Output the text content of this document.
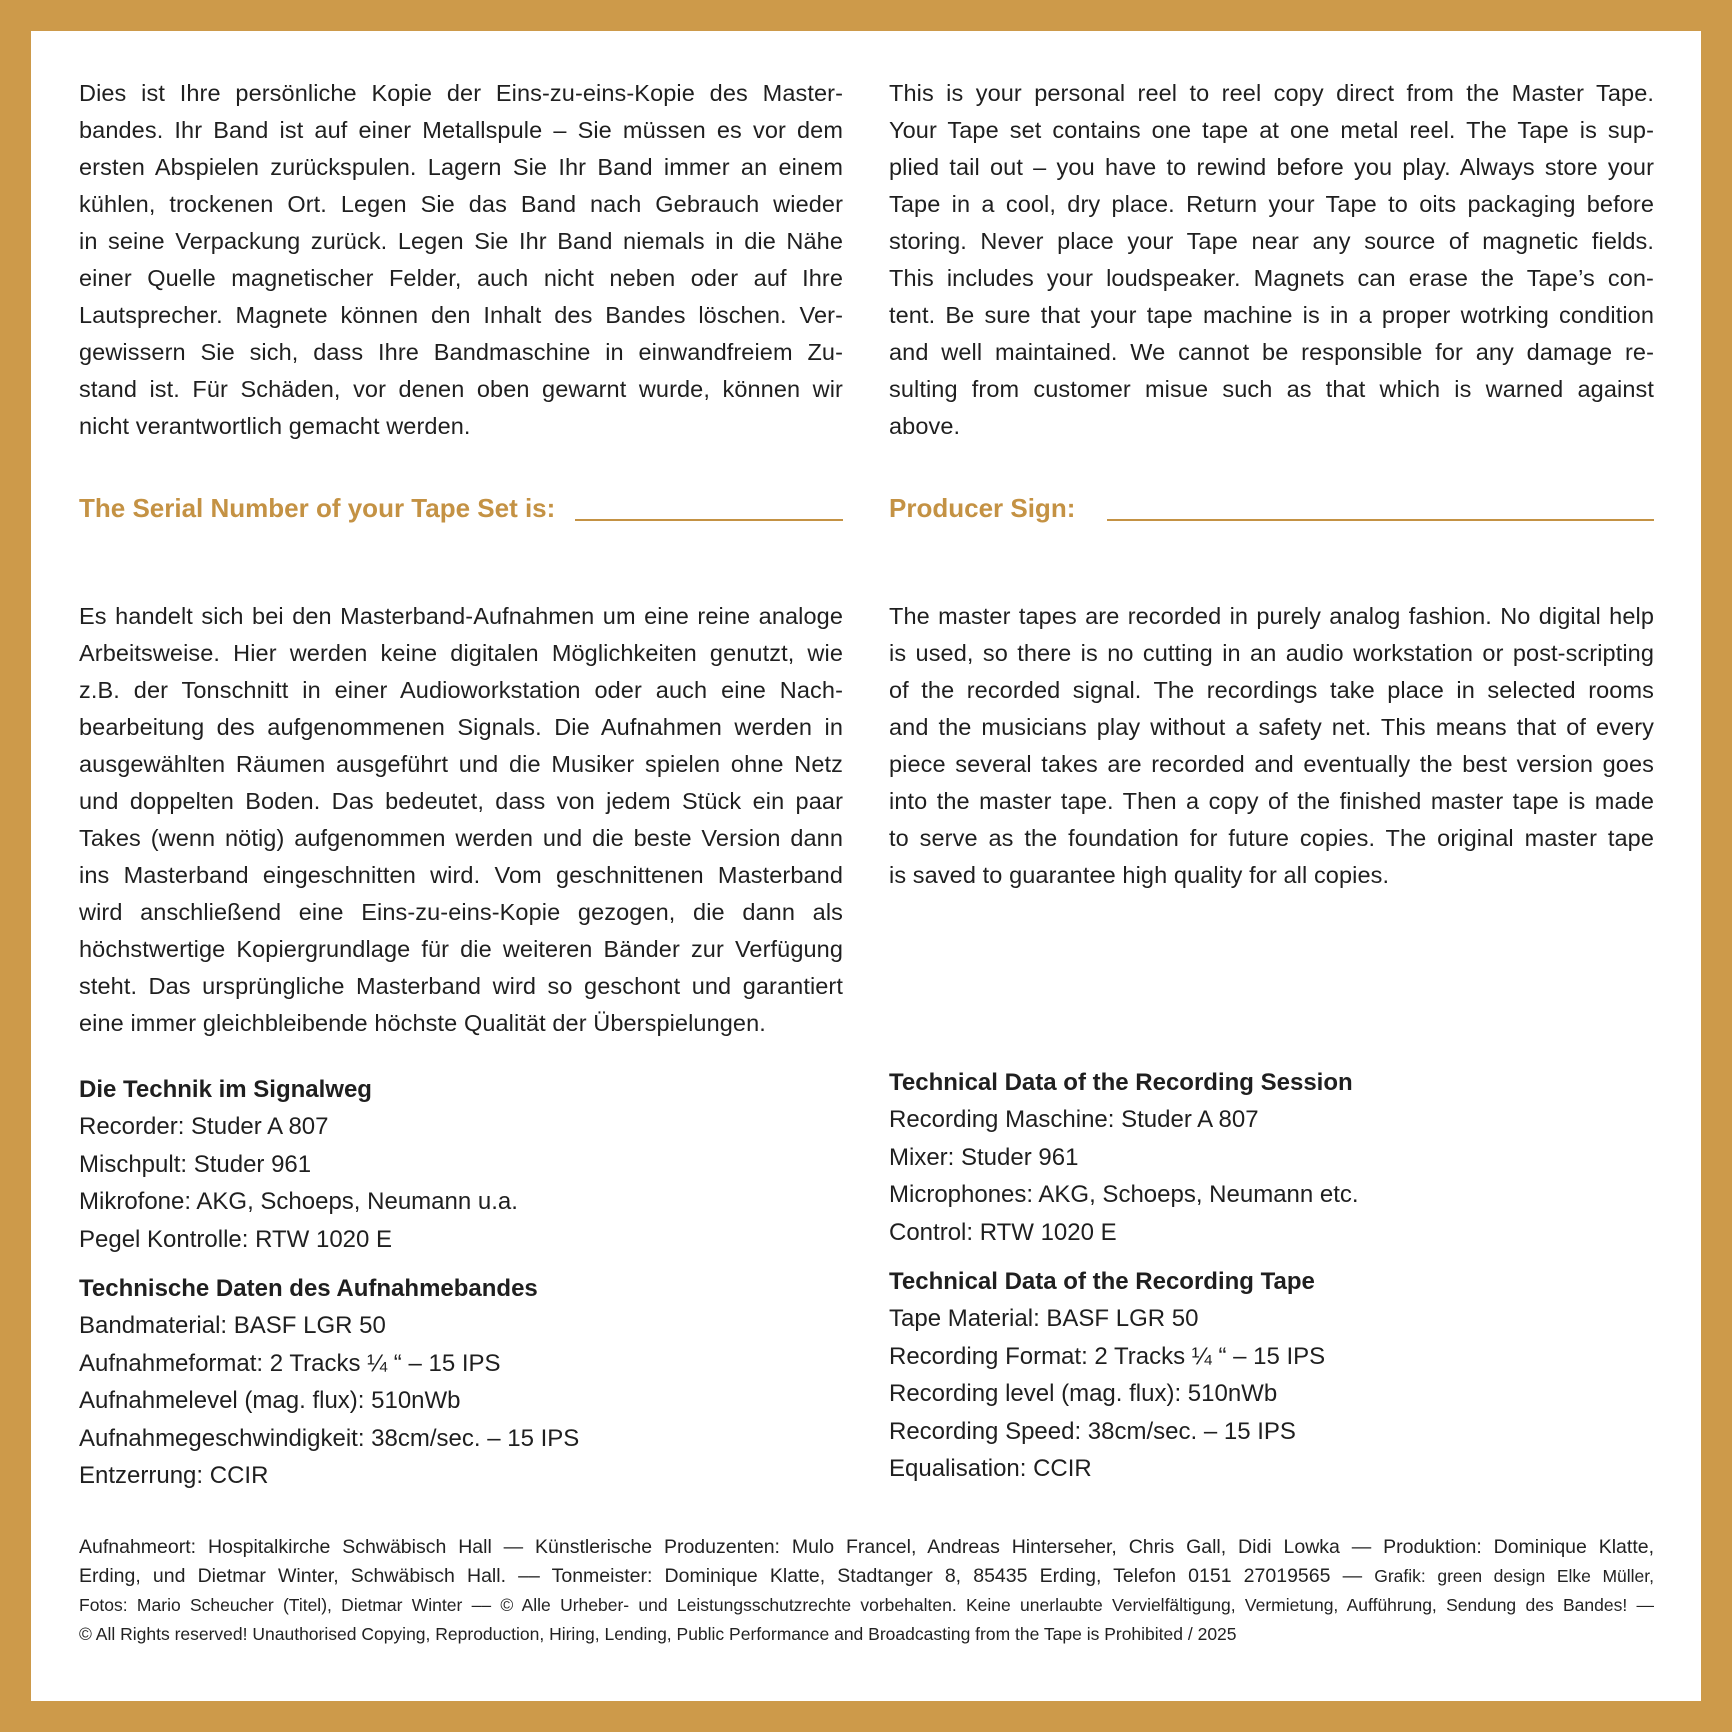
Dies ist Ihre persönliche Kopie der Eins-zu-eins-Kopie des Master-
bandes. Ihr Band ist auf einer Metallspule – Sie müssen es vor dem
ersten Abspielen zurückspulen. Lagern Sie Ihr Band immer an einem
kühlen, trockenen Ort. Legen Sie das Band nach Gebrauch wieder
in seine Verpackung zurück. Legen Sie Ihr Band niemals in die Nähe
einer Quelle magnetischer Felder, auch nicht neben oder auf Ihre
Lautsprecher. Magnete können den Inhalt des Bandes löschen. Ver-
gewissern Sie sich, dass Ihre Bandmaschine in einwandfreiem Zu-
stand ist. Für Schäden, vor denen oben gewarnt wurde, können wir
nicht verantwortlich gemacht werden.

This is your personal reel to reel copy direct from the Master Tape.
Your Tape set contains one tape at one metal reel. The Tape is sup-
plied tail out – you have to rewind before you play. Always store your
Tape in a cool, dry place. Return your Tape to oits packaging before
storing. Never place your Tape near any source of magnetic fields.
This includes your loudspeaker. Magnets can erase the Tape’s con-
tent. Be sure that your tape machine is in a proper wotrking condition
and well maintained. We cannot be responsible for any damage re-
sulting from customer misue such as that which is warned against
above.

The Serial Number of your Tape Set is:	Producer Sign:

Es handelt sich bei den Masterband-Aufnahmen um eine reine analoge
Arbeitsweise. Hier werden keine digitalen Möglichkeiten genutzt, wie
z.B. der Tonschnitt in einer Audioworkstation oder auch eine Nach-
bearbeitung des aufgenommenen Signals. Die Aufnahmen werden in
ausgewählten Räumen ausgeführt und die Musiker spielen ohne Netz
und doppelten Boden. Das bedeutet, dass von jedem Stück ein paar
Takes (wenn nötig) aufgenommen werden und die beste Version dann
ins Masterband eingeschnitten wird. Vom geschnittenen Masterband
wird anschließend eine Eins-zu-eins-Kopie gezogen, die dann als
höchstwertige Kopiergrundlage für die weiteren Bänder zur Verfügung
steht. Das ursprüngliche Masterband wird so geschont und garantiert
eine immer gleichbleibende höchste Qualität der Überspielungen.

The master tapes are recorded in purely analog fashion. No digital help
is used, so there is no cutting in an audio workstation or post-scripting
of the recorded signal. The recordings take place in selected rooms
and the musicians play without a safety net. This means that of every
piece several takes are recorded and eventually the best version goes
into the master tape. Then a copy of the finished master tape is made
to serve as the foundation for future copies. The original master tape
is saved to guarantee high quality for all copies.

Die Technik im Signalweg
Recorder: Studer A 807
Mischpult: Studer 961
Mikrofone: AKG, Schoeps, Neumann u.a.
Pegel Kontrolle: RTW 1020 E
Technische Daten des Aufnahmebandes
Bandmaterial: BASF LGR 50
Aufnahmeformat: 2 Tracks ¼ “ – 15 IPS
Aufnahmelevel (mag. flux): 510nWb
Aufnahmegeschwindigkeit: 38cm/sec. – 15 IPS
Entzerrung: CCIR
Technical Data of the Recording Session
Recording Maschine: Studer A 807
Mixer: Studer 961
Microphones: AKG, Schoeps, Neumann etc.
Control: RTW 1020 E
Technical Data of the Recording Tape
Tape Material: BASF LGR 50
Recording Format: 2 Tracks ¼ “ – 15 IPS
Recording level (mag. flux): 510nWb
Recording Speed: 38cm/sec. – 15 IPS
Equalisation: CCIR
Aufnahmeort: Hospitalkirche Schwäbisch Hall — Künstlerische Produzenten: Mulo Francel, Andreas Hinterseher, Chris Gall, Didi Lowka — Produktion: Dominique Klatte,
Erding, und Dietmar Winter, Schwäbisch Hall. –– Tonmeister: Dominique Klatte, Stadtanger 8, 85435 Erding, Telefon 0151 27019565 — Grafik: green design Elke Müller,
Fotos: Mario Scheucher (Titel), Dietmar Winter –– © Alle Urheber- und Leistungsschutzrechte vorbehalten. Keine unerlaubte Vervielfältigung, Vermietung, Aufführung, Sendung des Bandes! —
© All Rights reserved! Unauthorised Copying, Reproduction, Hiring, Lending, Public Performance and Broadcasting from the Tape is Prohibited / 2025
